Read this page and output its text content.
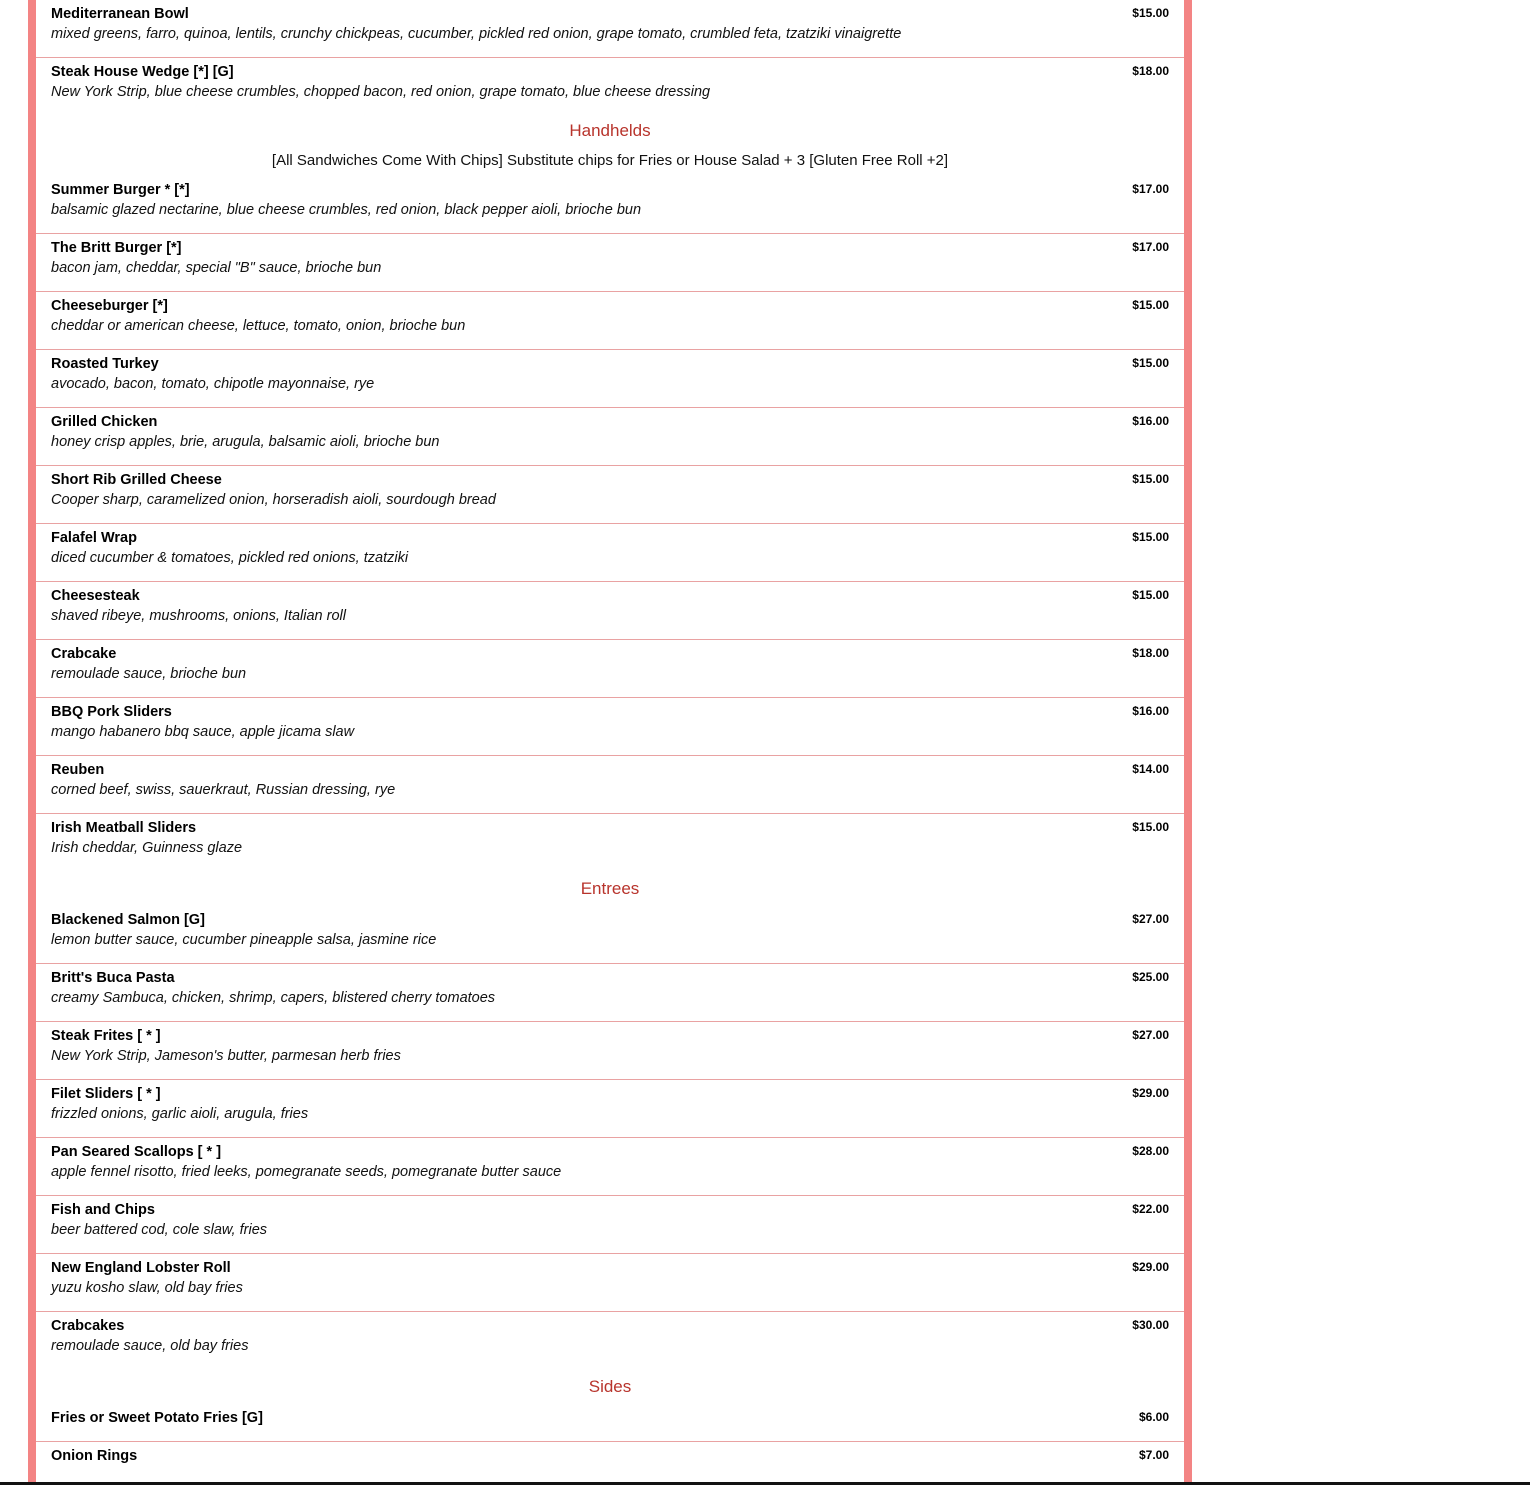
Mediterranean Bowl
mixed greens, farro, quinoa, lentils, crunchy chickpeas, cucumber, pickled red onion, grape tomato, crumbled feta, tzatziki vinaigrette
$15.00
Steak House Wedge [*] [G]
New York Strip, blue cheese crumbles, chopped bacon, red onion, grape tomato, blue cheese dressing
$18.00
Handhelds
[All Sandwiches Come With Chips] Substitute chips for Fries or House Salad + 3 [Gluten Free Roll +2]
Summer Burger * [*]
balsamic glazed nectarine, blue cheese crumbles, red onion, black pepper aioli, brioche bun
$17.00
The Britt Burger [*]
bacon jam, cheddar, special "B" sauce, brioche bun
$17.00
Cheeseburger [*]
cheddar or american cheese, lettuce, tomato, onion, brioche bun
$15.00
Roasted Turkey
avocado, bacon, tomato, chipotle mayonnaise, rye
$15.00
Grilled Chicken
honey crisp apples, brie, arugula, balsamic aioli, brioche bun
$16.00
Short Rib Grilled Cheese
Cooper sharp, caramelized onion, horseradish aioli, sourdough bread
$15.00
Falafel Wrap
diced cucumber & tomatoes, pickled red onions, tzatziki
$15.00
Cheesesteak
shaved ribeye, mushrooms, onions, Italian roll
$15.00
Crabcake
remoulade sauce, brioche bun
$18.00
BBQ Pork Sliders
mango habanero bbq sauce, apple jicama slaw
$16.00
Reuben
corned beef, swiss, sauerkraut, Russian dressing, rye
$14.00
Irish Meatball Sliders
Irish cheddar, Guinness glaze
$15.00
Entrees
Blackened Salmon [G]
lemon butter sauce, cucumber pineapple salsa, jasmine rice
$27.00
Britt's Buca Pasta
creamy Sambuca, chicken, shrimp, capers, blistered cherry tomatoes
$25.00
Steak Frites [ * ]
New York Strip, Jameson's butter, parmesan herb fries
$27.00
Filet Sliders [ * ]
frizzled onions, garlic aioli, arugula, fries
$29.00
Pan Seared Scallops [ * ]
apple fennel risotto, fried leeks, pomegranate seeds, pomegranate butter sauce
$28.00
Fish and Chips
beer battered cod, cole slaw, fries
$22.00
New England Lobster Roll
yuzu kosho slaw, old bay fries
$29.00
Crabcakes
remoulade sauce, old bay fries
$30.00
Sides
Fries or Sweet Potato Fries [G]	$6.00
Onion Rings	$7.00
